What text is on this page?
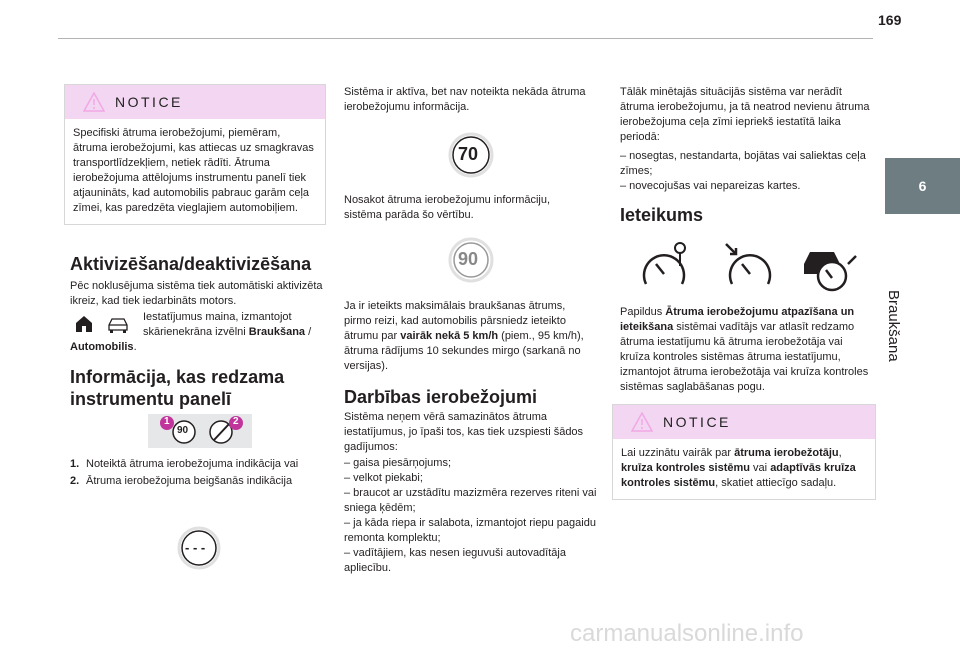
169
6
Braukšana
NOTICE
Specifiski ātruma ierobežojumi, piemēram, ātruma ierobežojumi, kas attiecas uz smagkravas transportlīdzekļiem, netiek rādīti. Ātruma ierobežojuma attēlojums instrumentu panelī tiek atjaunināts, kad automobilis pabrauc garām ceļa zīmei, kas paredzēta vieglajiem automobiļiem.
Aktivizēšana/deaktivizēšana

Pēc noklusējuma sistēma tiek automātiski aktivizēta ikreiz, kad tiek iedarbināts motors.

Iestatījumus maina, izmantojot skārienekrāna izvēlni Braukšana /

Automobilis.

Informācija, kas redzama
instrumentu panelī
1	2
90
1. Noteiktā ātruma ierobežojuma indikācija vai
2. Ātruma ierobežojuma beigšanās indikācija
- - -

Sistēma ir aktīva, bet nav noteikta nekāda ātruma ierobežojumu informācija.

70

Nosakot ātruma ierobežojumu informāciju, sistēma parāda šo vērtību.

90

Ja ir ieteikts maksimālais braukšanas ātrums, pirmo reizi, kad automobilis pārsniedz ieteikto ātrumu par vairāk nekā 5 km/h (piem., 95 km/h), ātruma rādījums 10 sekundes mirgo (sarkanā no versijas).

Darbības ierobežojumi

Sistēma neņem vērā samazinātos ātruma iestatījumus, jo īpaši tos, kas tiek uzspiesti šādos gadījumos:

– gaisa piesārņojums;

– velkot piekabi;

– braucot ar uzstādītu mazizmēra rezerves riteni vai sniega ķēdēm;

– ja kāda riepa ir salabota, izmantojot riepu pagaidu remonta komplektu;

– vadītājiem, kas nesen ieguvuši autovadītāja apliecību.

Tālāk minētajās situācijās sistēma var nerādīt ātruma ierobežojumu, ja tā neatrod nevienu ātruma ierobežojuma ceļa zīmi iepriekš iestatītā laika periodā:

– nosegtas, nestandarta, bojātas vai saliektas ceļa zīmes;

– novecojušas vai nepareizas kartes.

Ieteikums

Papildus Ātruma ierobežojumu atpazīšana un ieteikšana sistēmai vadītājs var atlasīt redzamo ātruma iestatījumu kā ātruma ierobežotāja vai kruīza kontroles sistēmas ātruma iestatījumu, izmantojot ātruma ierobežotāja vai kruīza kontroles sistēmas saglabāšanas pogu.

NOTICE
Lai uzzinātu vairāk par ātruma ierobežotāju, kruīza kontroles sistēmu vai adaptīvās kruīza kontroles sistēmu, skatiet attiecīgo sadaļu.
carmanualsonline.info
